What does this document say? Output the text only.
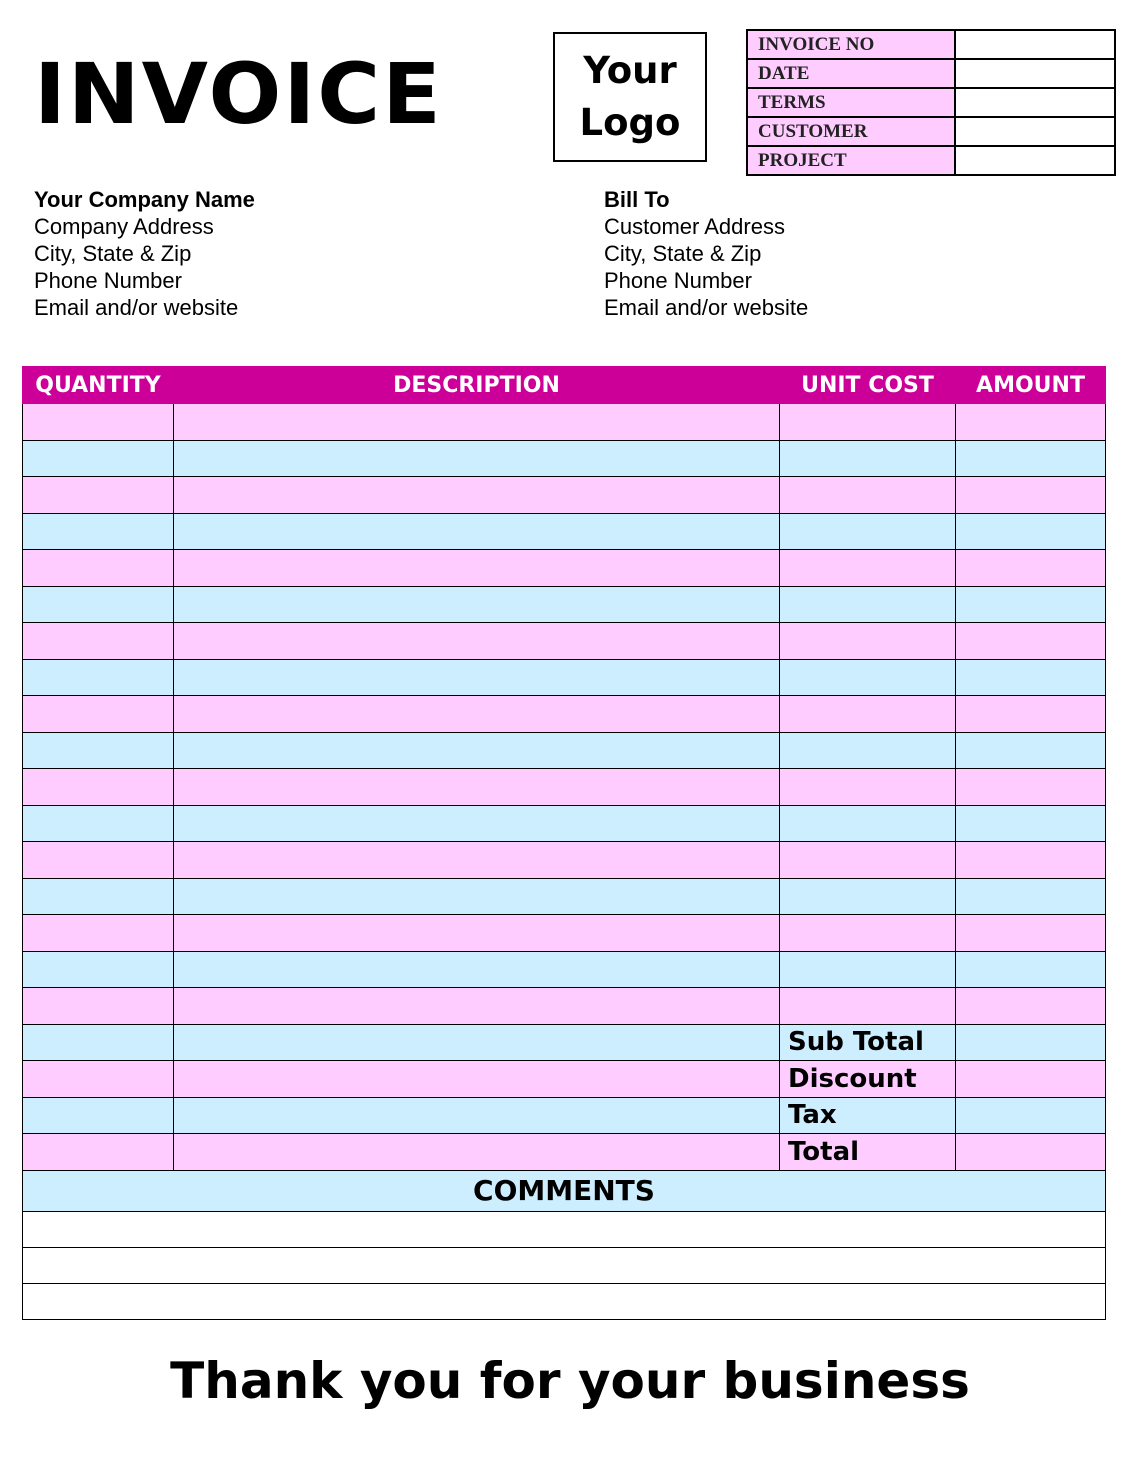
INVOICE	Your
Logo
INVOICE NO	
DATE	
TERMS	
CUSTOMER	
PROJECT	
Your Company Name
Company Address
City, State & Zip
Phone Number
Email and/or website
Bill To
Customer Address
City, State & Zip
Phone Number
Email and/or website
QUANTITY	DESCRIPTION	UNIT COST	AMOUNT

		Sub Total	
		Discount	
		Tax	
		Total	
COMMENTS			

Thank you for your business
